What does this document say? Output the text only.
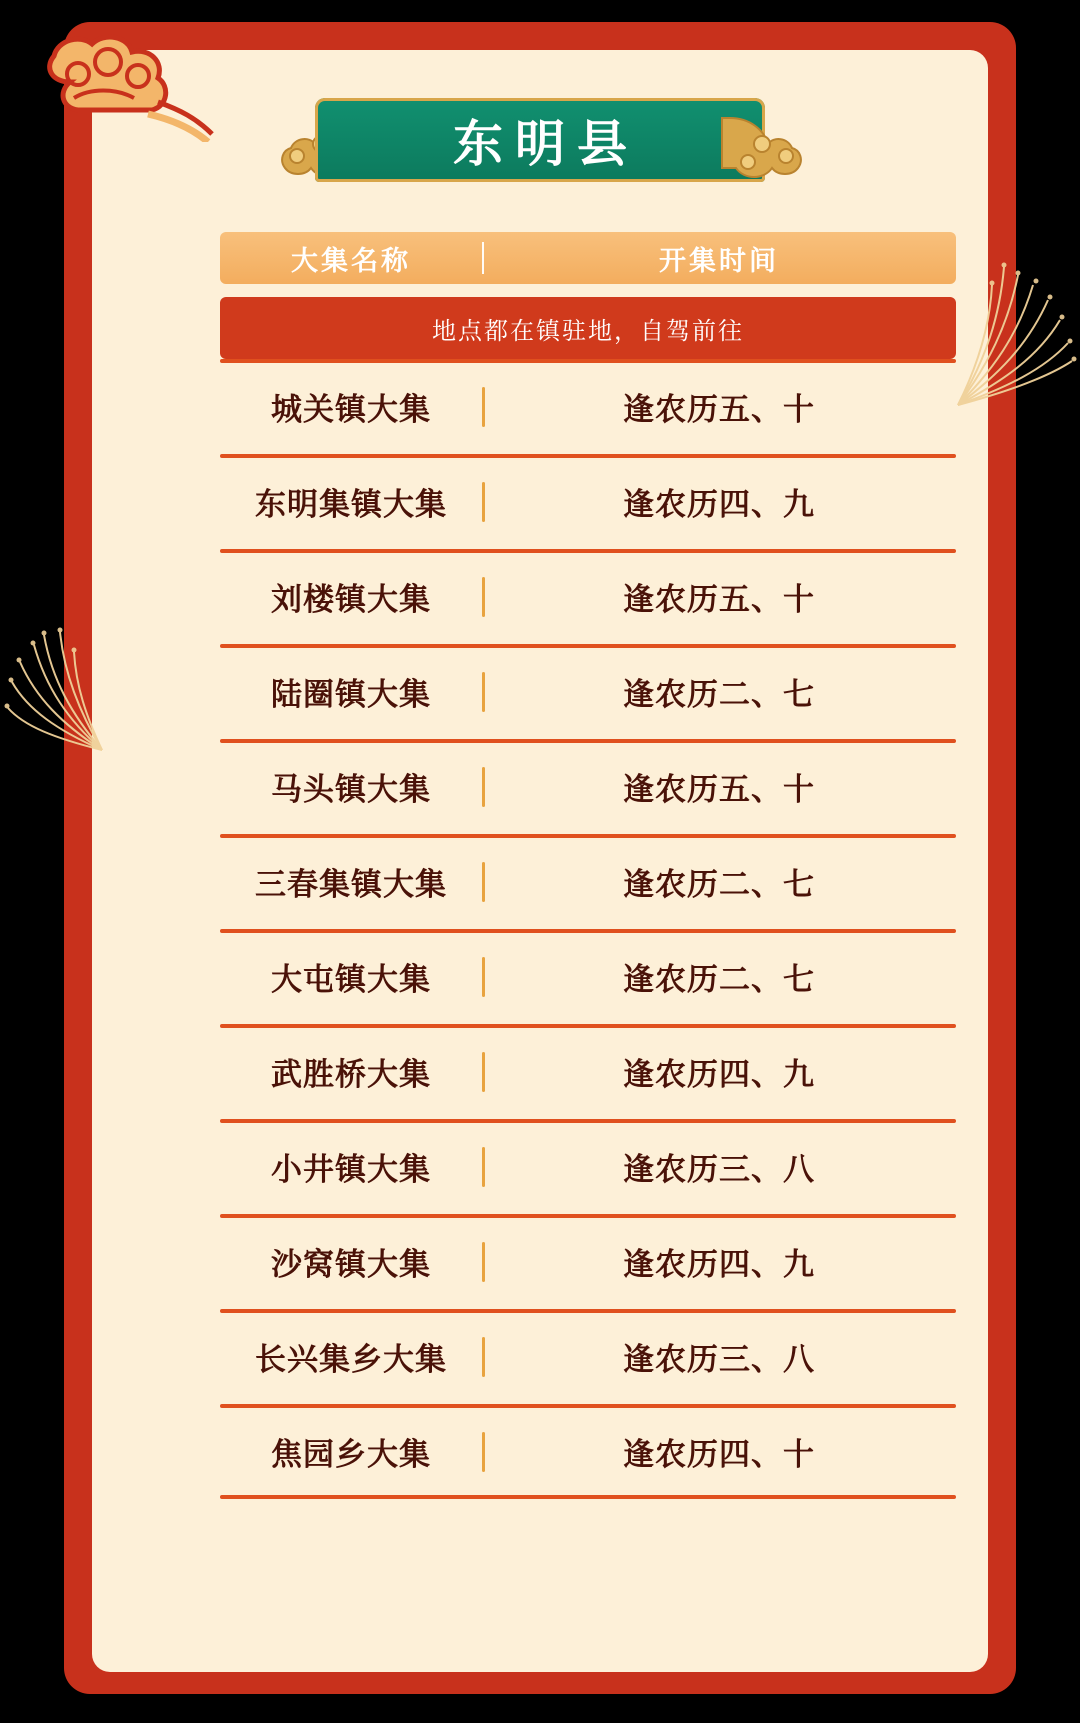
东明县
大集名称	开集时间
地点都在镇驻地，自驾前往
城关镇大集	逢农历五、十
东明集镇大集	逢农历四、九
刘楼镇大集	逢农历五、十
陆圈镇大集	逢农历二、七
马头镇大集	逢农历五、十
三春集镇大集	逢农历二、七
大屯镇大集	逢农历二、七
武胜桥大集	逢农历四、九
小井镇大集	逢农历三、八
沙窝镇大集	逢农历四、九
长兴集乡大集	逢农历三、八
焦园乡大集	逢农历四、十
